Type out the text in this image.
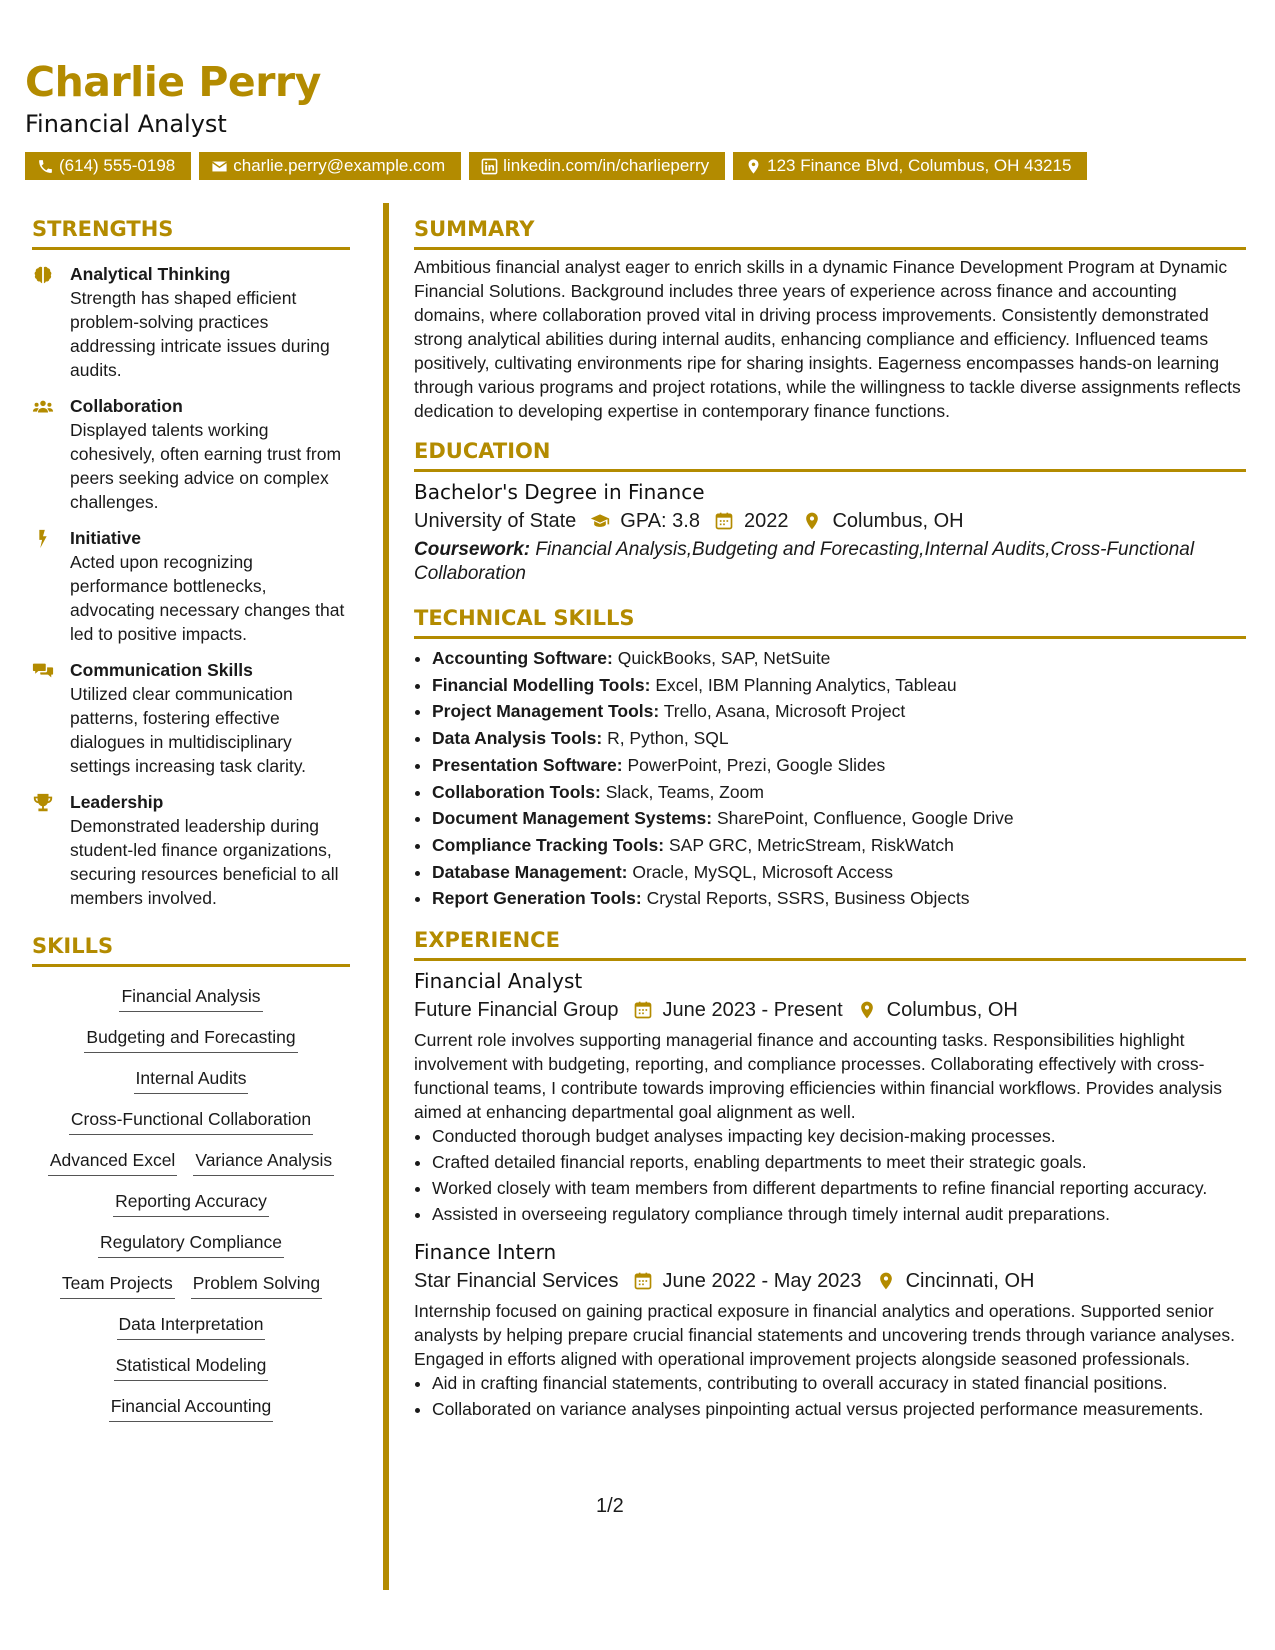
Charlie Perry
Financial Analyst
(614) 555-0198	charlie.perry@example.com	linkedin.com/in/charlieperry	123 Finance Blvd, Columbus, OH 43215
STRENGTHS
Analytical Thinking
Strength has shaped efficient problem-solving practices addressing intricate issues during audits.
Collaboration
Displayed talents working cohesively, often earning trust from peers seeking advice on complex challenges.
Initiative
Acted upon recognizing performance bottlenecks, advocating necessary changes that led to positive impacts.
Communication Skills
Utilized clear communication patterns, fostering effective dialogues in multidisciplinary settings increasing task clarity.
Leadership
Demonstrated leadership during student-led finance organizations, securing resources beneficial to all members involved.
SKILLS
Financial Analysis
Budgeting and Forecasting
Internal Audits
Cross-Functional Collaboration
Advanced Excel Variance Analysis
Reporting Accuracy
Regulatory Compliance
Team Projects Problem Solving
Data Interpretation
Statistical Modeling
Financial Accounting
SUMMARY
Ambitious financial analyst eager to enrich skills in a dynamic Finance Development Program at Dynamic Financial Solutions. Background includes three years of experience across finance and accounting domains, where collaboration proved vital in driving process improvements. Consistently demonstrated strong analytical abilities during internal audits, enhancing compliance and efficiency. Influenced teams positively, cultivating environments ripe for sharing insights. Eagerness encompasses hands-on learning through various programs and project rotations, while the willingness to tackle diverse assignments reflects dedication to developing expertise in contemporary finance functions.
EDUCATION
Bachelor's Degree in Finance
University of State GPA: 3.8 2022 Columbus, OH
Coursework: Financial Analysis,Budgeting and Forecasting,Internal Audits,Cross-Functional Collaboration
TECHNICAL SKILLS
• Accounting Software: QuickBooks, SAP, NetSuite
• Financial Modelling Tools: Excel, IBM Planning Analytics, Tableau
• Project Management Tools: Trello, Asana, Microsoft Project
• Data Analysis Tools: R, Python, SQL
• Presentation Software: PowerPoint, Prezi, Google Slides
• Collaboration Tools: Slack, Teams, Zoom
• Document Management Systems: SharePoint, Confluence, Google Drive
• Compliance Tracking Tools: SAP GRC, MetricStream, RiskWatch
• Database Management: Oracle, MySQL, Microsoft Access
• Report Generation Tools: Crystal Reports, SSRS, Business Objects
EXPERIENCE
Financial Analyst
Future Financial Group June 2023 - Present Columbus, OH
Current role involves supporting managerial finance and accounting tasks. Responsibilities highlight involvement with budgeting, reporting, and compliance processes. Collaborating effectively with cross-functional teams, I contribute towards improving efficiencies within financial workflows. Provides analysis aimed at enhancing departmental goal alignment as well.
• Conducted thorough budget analyses impacting key decision-making processes.
• Crafted detailed financial reports, enabling departments to meet their strategic goals.
• Worked closely with team members from different departments to refine financial reporting accuracy.
• Assisted in overseeing regulatory compliance through timely internal audit preparations.
Finance Intern
Star Financial Services June 2022 - May 2023 Cincinnati, OH
Internship focused on gaining practical exposure in financial analytics and operations. Supported senior analysts by helping prepare crucial financial statements and uncovering trends through variance analyses. Engaged in efforts aligned with operational improvement projects alongside seasoned professionals.
• Aid in crafting financial statements, contributing to overall accuracy in stated financial positions.
• Collaborated on variance analyses pinpointing actual versus projected performance measurements.
1/2
